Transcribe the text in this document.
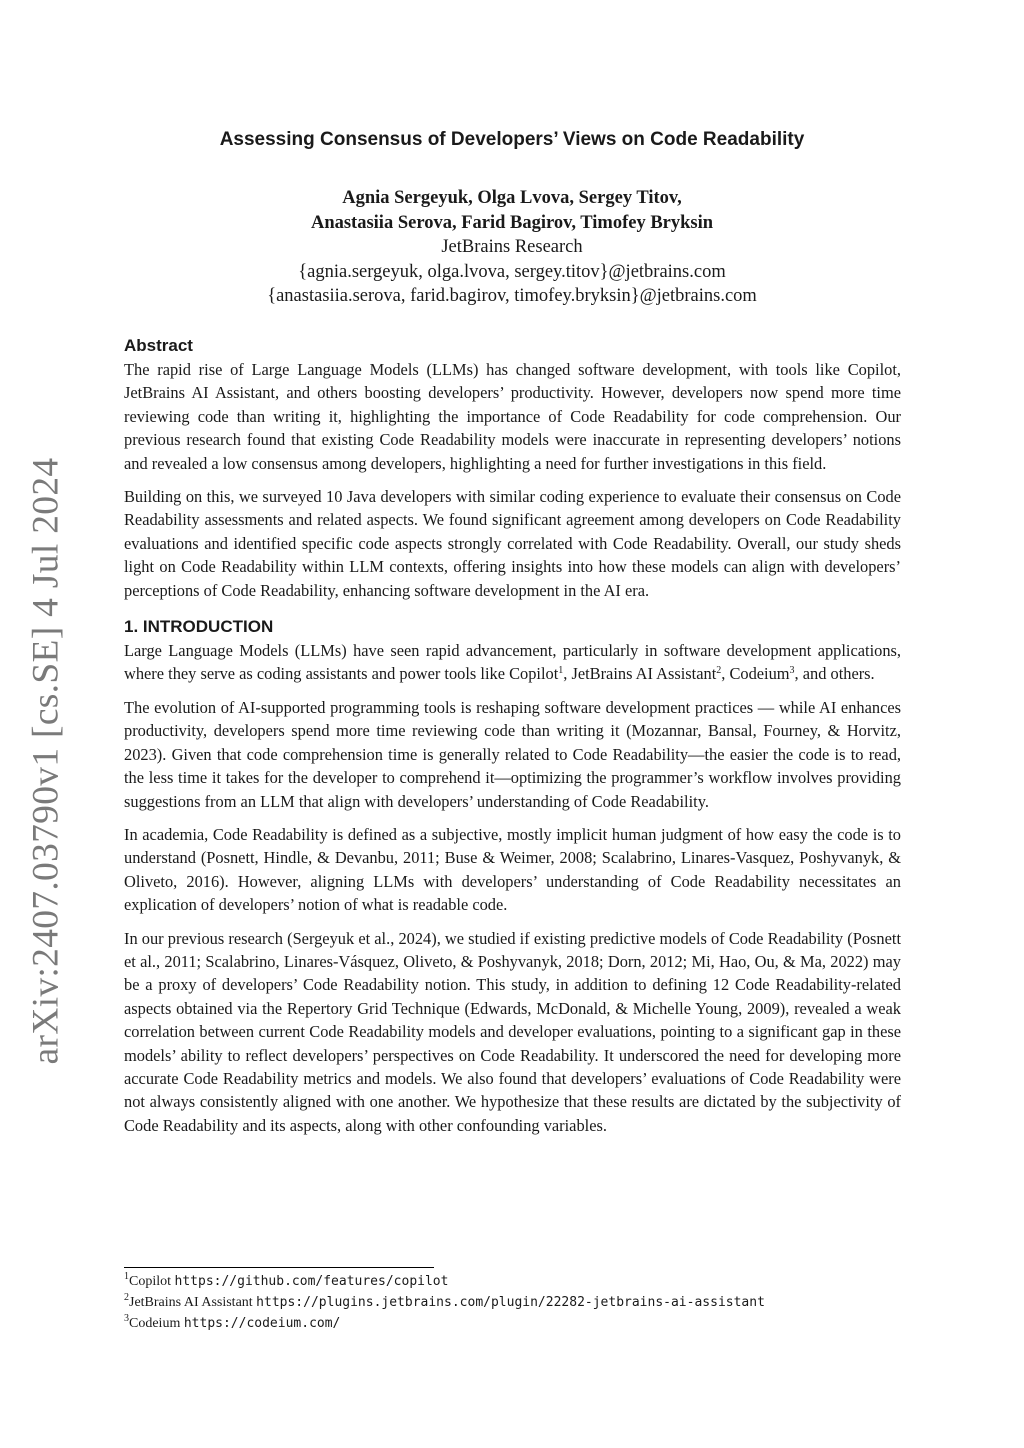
arXiv:2407.03790v1 [cs.SE] 4 Jul 2024
Assessing Consensus of Developers’ Views on Code Readability
Agnia Sergeyuk, Olga Lvova, Sergey Titov,
Anastasiia Serova, Farid Bagirov, Timofey Bryksin
JetBrains Research
{agnia.sergeyuk, olga.lvova, sergey.titov}@jetbrains.com
{anastasiia.serova, farid.bagirov, timofey.bryksin}@jetbrains.com
Abstract

The rapid rise of Large Language Models (LLMs) has changed software development, with tools like Copilot, JetBrains AI Assistant, and others boosting developers’ productivity. However, developers now spend more time reviewing code than writing it, highlighting the importance of Code Readability for code comprehension. Our previous research found that existing Code Readability models were inaccurate in representing developers’ notions and revealed a low consensus among developers, highlighting a need for further investigations in this field.

Building on this, we surveyed 10 Java developers with similar coding experience to evaluate their consensus on Code Readability assessments and related aspects. We found significant agreement among developers on Code Readability evaluations and identified specific code aspects strongly correlated with Code Readability. Overall, our study sheds light on Code Readability within LLM contexts, offering insights into how these models can align with developers’ perceptions of Code Readability, enhancing software development in the AI era.

1. INTRODUCTION

Large Language Models (LLMs) have seen rapid advancement, particularly in software development applications, where they serve as coding assistants and power tools like Copilot$^1$, JetBrains AI Assistant$^2$, Codeium$^3$, and others.

The evolution of AI-supported programming tools is reshaping software development practices — while AI enhances productivity, developers spend more time reviewing code than writing it (Mozannar, Bansal, Fourney, & Horvitz, 2023). Given that code comprehension time is generally related to Code Readability—the easier the code is to read, the less time it takes for the developer to comprehend it—optimizing the programmer’s workflow involves providing suggestions from an LLM that align with developers’ understanding of Code Readability.

In academia, Code Readability is defined as a subjective, mostly implicit human judgment of how easy the code is to understand (Posnett, Hindle, & Devanbu, 2011; Buse & Weimer, 2008; Scalabrino, Linares-Vasquez, Poshyvanyk, & Oliveto, 2016). However, aligning LLMs with developers’ understanding of Code Readability necessitates an explication of developers’ notion of what is readable code.

In our previous research (Sergeyuk et al., 2024), we studied if existing predictive models of Code Readability (Posnett et al., 2011; Scalabrino, Linares-Vásquez, Oliveto, & Poshyvanyk, 2018; Dorn, 2012; Mi, Hao, Ou, & Ma, 2022) may be a proxy of developers’ Code Readability notion. This study, in addition to defining 12 Code Readability-related aspects obtained via the Repertory Grid Technique (Edwards, McDonald, & Michelle Young, 2009), revealed a weak correlation between current Code Readability models and developer evaluations, pointing to a significant gap in these models’ ability to reflect developers’ perspectives on Code Readability. It underscored the need for developing more accurate Code Readability metrics and models. We also found that developers’ evaluations of Code Readability were not always consistently aligned with one another. We hypothesize that these results are dictated by the subjectivity of Code Readability and its aspects, along with other confounding variables.

$^1$Copilot https://github.com/features/copilot
$^2$JetBrains AI Assistant https://plugins.jetbrains.com/plugin/22282-jetbrains-ai-assistant
$^3$Codeium https://codeium.com/
